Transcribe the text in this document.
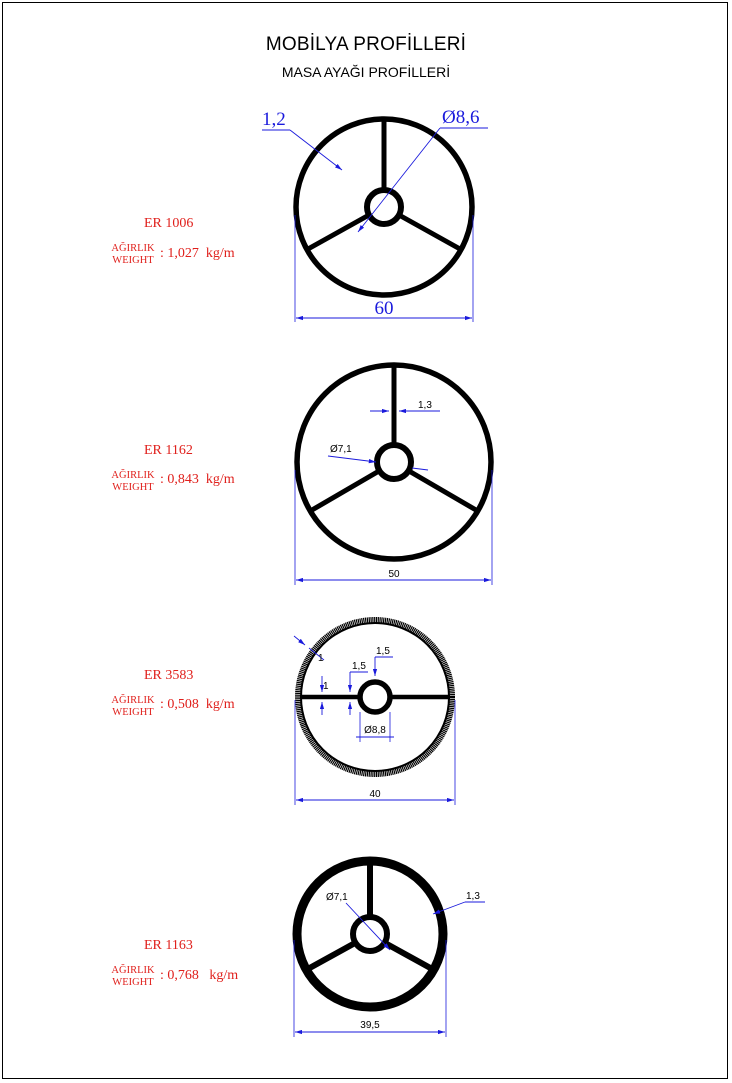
MOBİLYA PROFİLLERİ
MASA AYAĞI PROFİLLERİ
ER 1006
AĞIRLIK
WEIGHT : 1,027  kg/m
ER 1162
AĞIRLIK
WEIGHT
: 0,843  kg/m
ER 3583
AĞIRLIK
WEIGHT
: 0,508  kg/m
ER 1163
AĞIRLIK
WEIGHT : 0,768   kg/m
60
1,2	Ø8,6
50
1,3
Ø7,1
40
1
1
1,5
1,5
Ø8,8
39,5
1,3
Ø7,1
